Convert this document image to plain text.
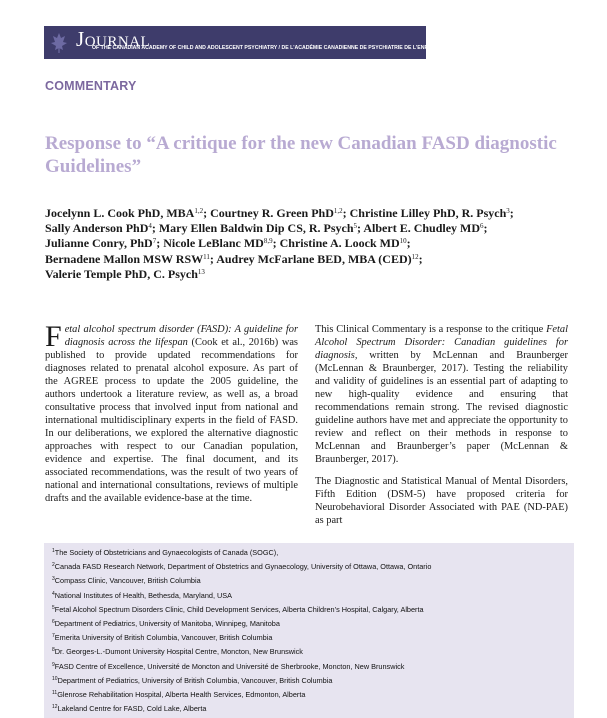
JOURNAL
OF THE CANADIAN ACADEMY OF CHILD AND ADOLESCENT PSYCHIATRY / DE L'ACADÉMIE CANADIENNE DE PSYCHIATRIE DE L'ENFANT ET DE L'ADOLESCENT
COMMENTARY
Response to “A critique for the new Canadian FASD diagnostic
Guidelines”
Jocelynn L. Cook PhD, MBA$^{1,2}$; Courtney R. Green PhD$^{1,2}$; Christine Lilley PhD, R. Psych$^3$;
Sally Anderson PhD$^4$; Mary Ellen Baldwin Dip CS, R. Psych$^5$; Albert E. Chudley $MD^6$;
Julianne Conry, PhD$^7$; Nicole LeBlanc MD$^{8,9}$; Christine A. Loock MD$^{10}$;
Bernadene Mallon MSW RSW$^{11}$; Audrey McFarlane BED, MBA (CED)$^{12}$;
Valerie Temple PhD, C. Psych$^{13}$

Fetal alcohol spectrum disorder (FASD): A guideline for diagnosis across the lifespan (Cook et al., 2016b) was published to provide updated recommendations for diagnoses related to prenatal alcohol exposure. As part of the AGREE process to update the 2005 guideline, the authors undertook a literature review, as well as, a broad consultative process that involved input from national and international multidisciplinary experts in the field of FASD. In our deliberations, we explored the alternative diagnostic approaches with respect to our Canadian population, evidence and expertise. The final document, and its associated recommendations, was the result of two years of national and international consultations, reviews of multiple drafts and the available evidence-base at the time.

This Clinical Commentary is a response to the critique Fetal Alcohol Spectrum Disorder: Canadian guidelines for diagnosis, written by McLennan and Braunberger (McLennan & Braunberger, 2017). Testing the reliability and validity of guidelines is an essential part of adapting to new high-quality evidence and ensuring that recommendations remain strong. The revised diagnostic guideline authors have met and appreciate the opportunity to review and reflect on their methods in response to McLennan and Braunberger’s paper (McLennan & Braunberger, 2017).

The Diagnostic and Statistical Manual of Mental Disorders, Fifth Edition (DSM-5) have proposed criteria for Neurobehavioral Disorder Associated with PAE (ND-PAE) as part

$^1$The Society of Obstetricians and Gynaecologists of Canada (SOGC),
$^2$Canada FASD Research Network, Department of Obstetrics and Gynaecology, University of Ottawa, Ottawa, Ontario
$^3$Compass Clinic, Vancouver, British Columbia
$^4$National Institutes of Health, Bethesda, Maryland, USA
$^5$Fetal Alcohol Spectrum Disorders Clinic, Child Development Services, Alberta Children’s Hospital, Calgary, Alberta
$^6$Department of Pediatrics, University of Manitoba, Winnipeg, Manitoba
$^7$Emerita University of British Columbia, Vancouver, British Columbia
$^8$Dr. Georges-L.-Dumont University Hospital Centre, Moncton, New Brunswick
$^9$FASD Centre of Excellence, Université de Moncton and Université de Sherbrooke, Moncton, New Brunswick
$^{10}$Department of Pediatrics, University of British Columbia, Vancouver, British Columbia
$^{11}$Glenrose Rehabilitation Hospital, Alberta Health Services, Edmonton, Alberta
$^{12}$Lakeland Centre for FASD, Cold Lake, Alberta
